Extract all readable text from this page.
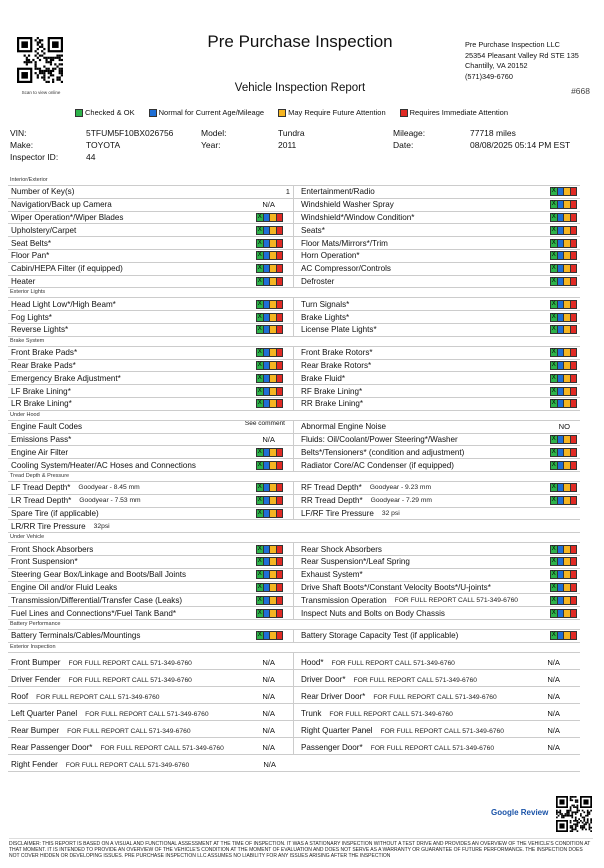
Scan to view online
Pre Purchase Inspection
Vehicle Inspection Report
Pre Purchase Inspection LLC
25354 Pleasant Valley Rd STE 135
Chantilly, VA 20152
(571)349-6760
#668
Checked & OK	Normal for Current Age/Mileage	May Require Future Attention	Requires Immediate Attention
VIN:	5TFUM5F10BX026756	Model:	Tundra	Mileage:	77718 miles
Make:	TOYOTA	Year:	2011	Date:	08/08/2025 05:14 PM EST
Inspector ID:	44
Interior/Exterior
Number of Key(s)	1	Entertainment/Radio	X
Navigation/Back up Camera	N/A	Windshield Washer Spray	X
Wiper Operation*/Wiper Blades	X	Windshield*/Window Condition*	X
Upholstery/Carpet	X	Seats*	X
Seat Belts*	X	Floor Mats/Mirrors*/Trim	X
Floor Pan*	X	Horn Operation*	X
Cabin/HEPA Filter (if equipped)	X	AC Compressor/Controls	X
Heater	X	Defroster	X
Exterior Lights
Head Light Low*/High Beam*	X	Turn Signals*	X
Fog Lights*	X	Brake Lights*	X
Reverse Lights*	X	License Plate Lights*	X
Brake System
Front Brake Pads*	X	Front Brake Rotors*	X
Rear Brake Pads*	X	Rear Brake Rotors*	X
Emergency Brake Adjustment*	X	Brake Fluid*	X
LF Brake Lining*	X	RF Brake Lining*	X
LR Brake Lining*	X	RR Brake Lining*	X
Under Hood
Engine Fault Codes	See comment	Abnormal Engine Noise	NO
Emissions Pass*	N/A	Fluids: Oil/Coolant/Power Steering*/Washer	X
Engine Air Filter	X	Belts*/Tensioners* (condition and adjustment)	X
Cooling System/Heater/AC Hoses and Connections	X	Radiator Core/AC Condenser (if equipped)	X
Tread Depth & Pressure
LF Tread Depth* Goodyear - 8.45 mm	X	RF Tread Depth* Goodyear - 9.23 mm	X
LR Tread Depth* Goodyear - 7.53 mm	X	RR Tread Depth* Goodyear - 7.29 mm	X
Spare Tire (if applicable)	X	LF/RF Tire Pressure 32 psi
LR/RR Tire Pressure 32psi
Under Vehicle
Front Shock Absorbers	X	Rear Shock Absorbers	X
Front Suspension*	X	Rear Suspension*/Leaf Spring	X
Steering Gear Box/Linkage and Boots/Ball Joints	X	Exhaust System*	X
Engine Oil and/or Fluid Leaks	X	Drive Shaft Boots*/Constant Velocity Boots*/U-joints*	X
Transmission/Differential/Transfer Case (Leaks)	X	Transmission Operation FOR FULL REPORT CALL 571-349-6760	X
Fuel Lines and Connections*/Fuel Tank Band*	X	Inspect Nuts and Bolts on Body Chassis	X
Battery Performance
Battery Terminals/Cables/Mountings	X	Battery Storage Capacity Test (if applicable)	X
Exterior Inspection
Front Bumper FOR FULL REPORT CALL 571-349-6760	N/A	Hood* FOR FULL REPORT CALL 571-349-6760	N/A
Driver Fender FOR FULL REPORT CALL 571-349-6760	N/A	Driver Door* FOR FULL REPORT CALL 571-349-6760	N/A
Roof FOR FULL REPORT CALL 571-349-6760	N/A	Rear Driver Door* FOR FULL REPORT CALL 571-349-6760	N/A
Left Quarter Panel FOR FULL REPORT CALL 571-349-6760	N/A	Trunk FOR FULL REPORT CALL 571-349-6760	N/A
Rear Bumper FOR FULL REPORT CALL 571-349-6760	N/A	Right Quarter Panel FOR FULL REPORT CALL 571-349-6760	N/A
Rear Passenger Door* FOR FULL REPORT CALL 571-349-6760	N/A	Passenger Door* FOR FULL REPORT CALL 571-349-6760	N/A
Right Fender FOR FULL REPORT CALL 571-349-6760	N/A
Google Review
DISCLAIMER: THIS REPORT IS BASED ON A VISUAL AND FUNCTIONAL ASSESSMENT AT THE TIME OF INSPECTION. IT WAS A STATIONARY INSPECTION WITHOUT A TEST DRIVE AND PROVIDES AN OVERVIEW OF THE VEHICLE'S CONDITION AT THAT MOMENT. IT IS INTENDED TO PROVIDE AN OVERVIEW OF THE VEHICLE'S CONDITION AT THE MOMENT OF EVALUATION AND DOES NOT SERVE AS A WARRANTY OR GUARANTEE OF FUTURE PERFORMANCE. THE INSPECTION DOES NOT COVER HIDDEN OR DEVELOPING ISSUES. PRE PURCHASE INSPECTION LLC ASSUMES NO LIABILITY FOR ANY ISSUES ARISING AFTER THE INSPECTION
